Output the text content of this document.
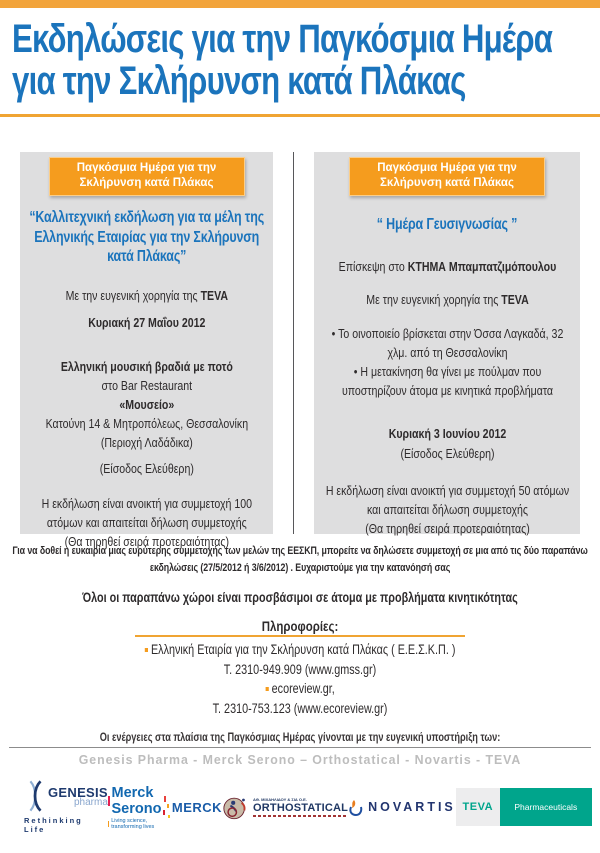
Εκδηλώσεις για την Παγκόσμια Ημέρα
για την Σκλήρυνση κατά Πλάκας
Παγκόσμια Ημέρα για την Σκλήρυνση κατά Πλάκας
“Καλλιτεχνική εκδήλωση για τα μέλη της Ελληνικής Εταιρίας για την Σκλήρυνση κατά Πλάκας”

Με την ευγενική χορηγία της TEVA

Κυριακή 27 Μαΐου 2012

Ελληνική μουσική βραδιά με ποτό

στο Bar Restaurant

«Μουσείο»

Κατούνη 14 & Μητροπόλεως, Θεσσαλονίκη

(Περιοχή Λαδάδικα)

(Είσοδος Ελεύθερη)

Η εκδήλωση είναι ανοικτή για συμμετοχή 100 ατόμων και απαιτείται δήλωση συμμετοχής

(Θα τηρηθεί σειρά προτεραιότητας)

Παγκόσμια Ημέρα για την Σκλήρυνση κατά Πλάκας
“ Ημέρα Γευσιγνωσίας ”

Επίσκεψη στο ΚΤΗΜΑ Μπαμπατζιμόπουλου

Με την ευγενική χορηγία της TEVA

• Το οινοποιείο βρίσκεται στην Όσσα Λαγκαδά, 32 χλμ. από τη Θεσσαλονίκη

• Η μετακίνηση θα γίνει με πούλμαν που υποστηρίζουν άτομα με κινητικά προβλήματα

Κυριακή 3 Ιουνίου 2012

(Είσοδος Ελεύθερη)

Η εκδήλωση είναι ανοικτή για συμμετοχή 50 ατόμων και απαιτείται δήλωση συμμετοχής

(Θα τηρηθεί σειρά προτεραιότητας)

Για να δοθεί η ευκαιρία μιας ευρύτερης συμμετοχής των μελών της ΕΕΣΚΠ, μπορείτε να δηλώσετε συμμετοχή σε μια από τις δύο παραπάνω εκδηλώσεις (27/5/2012 ή 3/6/2012) . Ευχαριστούμε για την κατανόησή σας
Όλοι οι παραπάνω χώροι είναι προσβάσιμοι σε άτομα με προβλήματα κινητικότητας
Πληροφορίες:

Ελληνική Εταιρία για την Σκλήρυνση κατά Πλάκας ( Ε.Ε.Σ.Κ.Π. )

Τ. 2310-949.909 (www.gmss.gr)

ecoreview.gr,

Τ. 2310-753.123 (www.ecoreview.gr)

Οι ενέργειες στα πλαίσια της Παγκόσμιας Ημέρας γίνονται με την ευγενική υποστήριξη των:
Genesis Pharma - Merck Serono – Orthostatical - Novartis - TEVA
GENESIS
pharma
Rethinking Life
Merck Serono
Living science, transforming lives
MERCK
ΑΘ. ΜΙΧΑΗΛΙΔΟΥ & ΣΙΑ Ο.Ε.
ORTHOSTATICAL NOVARTIS TEVA	Pharmaceuticals
